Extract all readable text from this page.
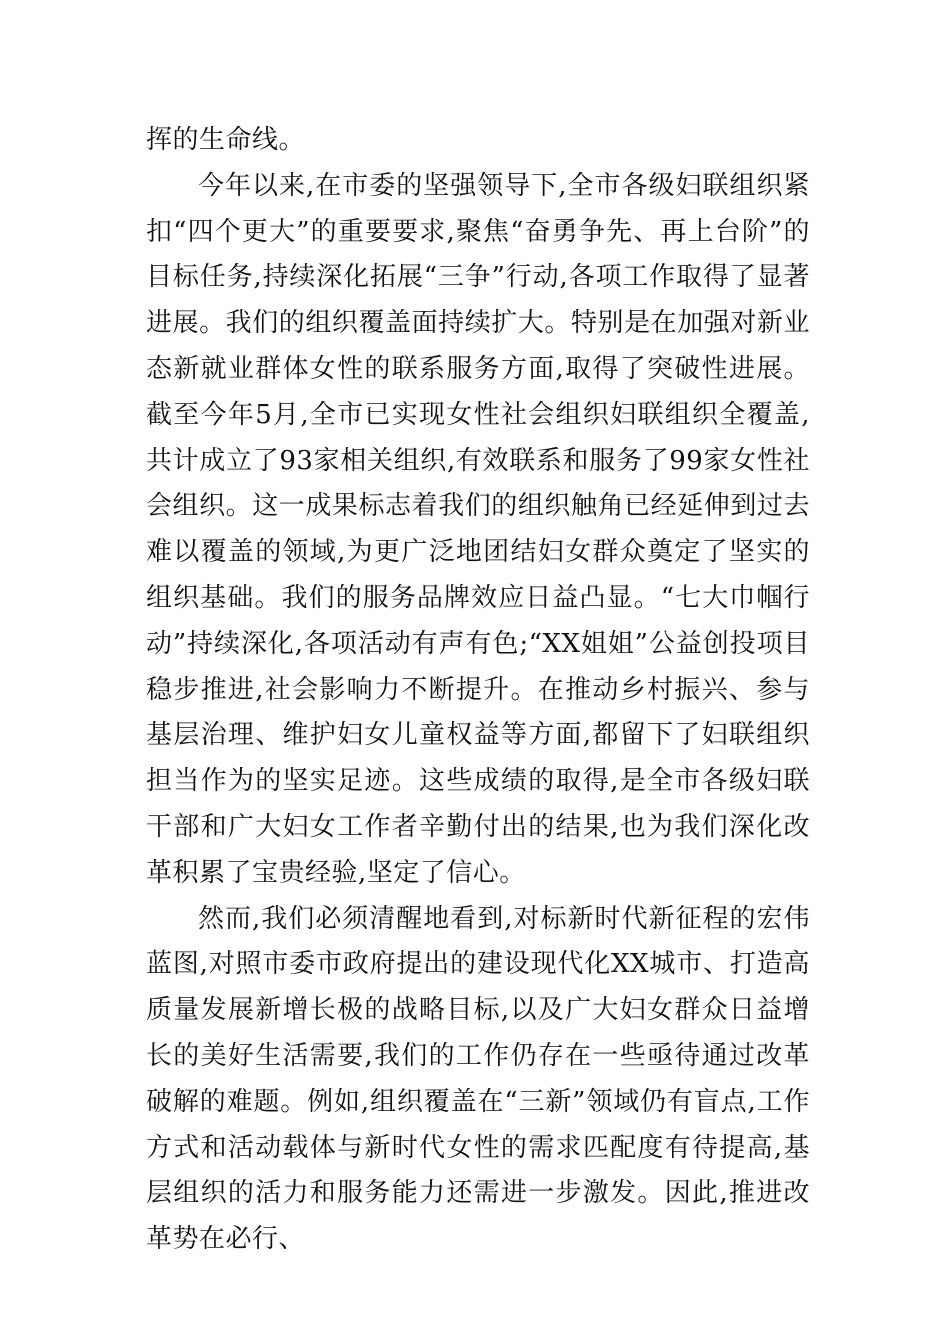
挥的生命线。

今年以来,在市委的坚强领导下,全市各级妇联组织紧扣“四个更大”的重要要求,聚焦“奋勇争先、再上台阶”的目标任务,持续深化拓展“三争”行动,各项工作取得了显著进展。我们的组织覆盖面持续扩大。特别是在加强对新业态新就业群体女性的联系服务方面,取得了突破性进展。截至今年5月,全市已实现女性社会组织妇联组织全覆盖,共计成立了93家相关组织,有效联系和服务了99家女性社会组织。这一成果标志着我们的组织触角已经延伸到过去难以覆盖的领域,为更广泛地团结妇女群众奠定了坚实的组织基础。我们的服务品牌效应日益凸显。“七大巾帼行动”持续深化,各项活动有声有色;“XX姐姐”公益创投项目稳步推进,社会影响力不断提升。在推动乡村振兴、参与基层治理、维护妇女儿童权益等方面,都留下了妇联组织担当作为的坚实足迹。这些成绩的取得,是全市各级妇联干部和广大妇女工作者辛勤付出的结果,也为我们深化改革积累了宝贵经验,坚定了信心。

然而,我们必须清醒地看到,对标新时代新征程的宏伟蓝图,对照市委市政府提出的建设现代化XX城市、打造高质量发展新增长极的战略目标,以及广大妇女群众日益增长的美好生活需要,我们的工作仍存在一些亟待通过改革破解的难题。例如,组织覆盖在“三新”领域仍有盲点,工作方式和活动载体与新时代女性的需求匹配度有待提高,基层组织的活力和服务能力还需进一步激发。因此,推进改革势在必行、
